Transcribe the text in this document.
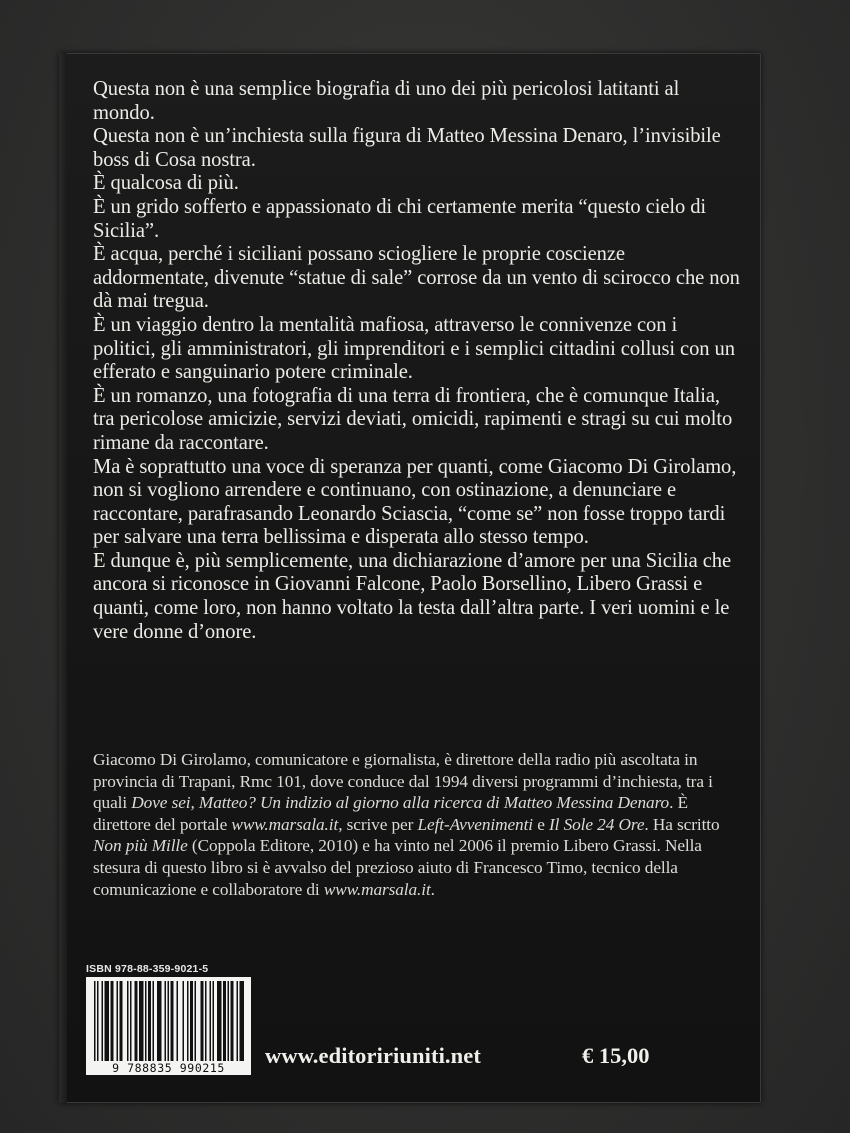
Questa non è una semplice biografia di uno dei più pericolosi latitanti al mondo.

Questa non è un’inchiesta sulla figura di Matteo Messina Denaro, l’invisibile boss di Cosa nostra.

È qualcosa di più.

È un grido sofferto e appassionato di chi certamente merita “questo cielo di Sicilia”.

È acqua, perché i siciliani possano sciogliere le proprie coscienze addormentate, divenute “statue di sale” corrose da un vento di scirocco che non dà mai tregua.

È un viaggio dentro la mentalità mafiosa, attraverso le connivenze con i politici, gli amministratori, gli imprenditori e i semplici cittadini collusi con un efferato e sanguinario potere criminale.

È un romanzo, una fotografia di una terra di frontiera, che è comunque Italia, tra pericolose amicizie, servizi deviati, omicidi, rapimenti e stragi su cui molto rimane da raccontare.

Ma è soprattutto una voce di speranza per quanti, come Giacomo Di Girolamo, non si vogliono arrendere e continuano, con ostinazione, a denunciare e raccontare, parafrasando Leonardo Sciascia, “come se” non fosse troppo tardi per salvare una terra bellissima e disperata allo stesso tempo.

E dunque è, più semplicemente, una dichiarazione d’amore per una Sicilia che ancora si riconosce in Giovanni Falcone, Paolo Borsellino, Libero Grassi e quanti, come loro, non hanno voltato la testa dall’altra parte. I veri uomini e le vere donne d’onore.

Giacomo Di Girolamo, comunicatore e giornalista, è direttore della radio più ascoltata in provincia di Trapani, Rmc 101, dove conduce dal 1994 diversi programmi d’inchiesta, tra i quali Dove sei, Matteo? Un indizio al giorno alla ricerca di Matteo Messina Denaro. È direttore del portale www.marsala.it, scrive per Left-Avvenimenti e Il Sole 24 Ore. Ha scritto Non più Mille (Coppola Editore, 2010) e ha vinto nel 2006 il premio Libero Grassi. Nella stesura di questo libro si è avvalso del prezioso aiuto di Francesco Timo, tecnico della comunicazione e collaboratore di www.marsala.it.

ISBN 978-88-359-9021-5
9 788835 990215	www.editoririuniti.net	€ 15,00
